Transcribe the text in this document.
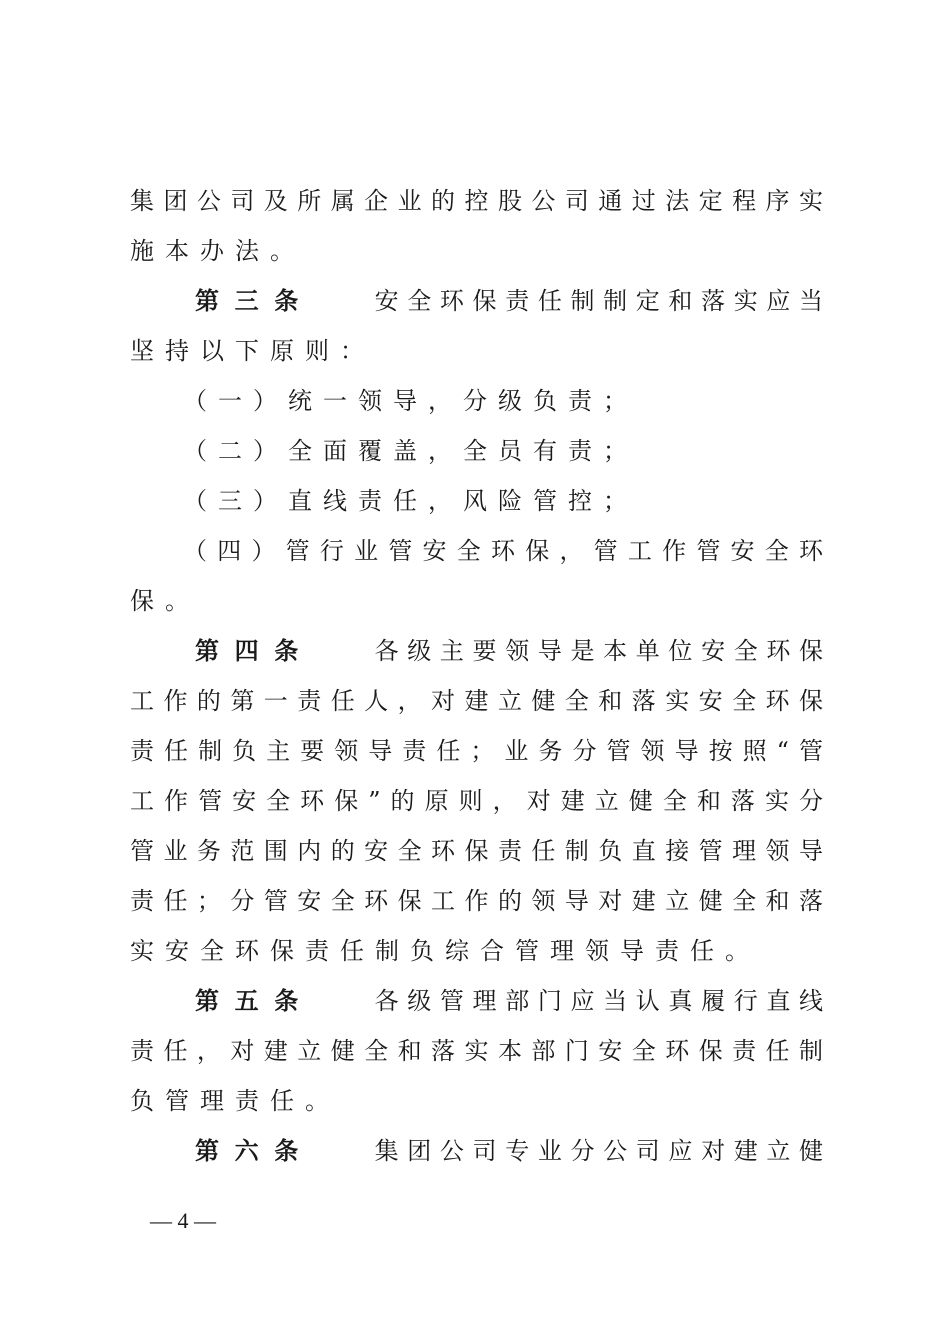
集团公司及所属企业的控股公司通过法定程序实
施本办法。
第三条 安全环保责任制制定和落实应当
坚持以下原则：
（一）统一领导，分级负责；
（二）全面覆盖，全员有责；
（三）直线责任，风险管控；
（四）管行业管安全环保，管工作管安全环
保。
第四条 各级主要领导是本单位安全环保
工作的第一责任人，对建立健全和落实安全环保
责任制负主要领导责任；业务分管领导按照“管
工作管安全环保”的原则，对建立健全和落实分
管业务范围内的安全环保责任制负直接管理领导
责任；分管安全环保工作的领导对建立健全和落
实安全环保责任制负综合管理领导责任。
第五条 各级管理部门应当认真履行直线
责任，对建立健全和落实本部门安全环保责任制
负管理责任。
第六条 集团公司专业分公司应对建立健
— 4 —
